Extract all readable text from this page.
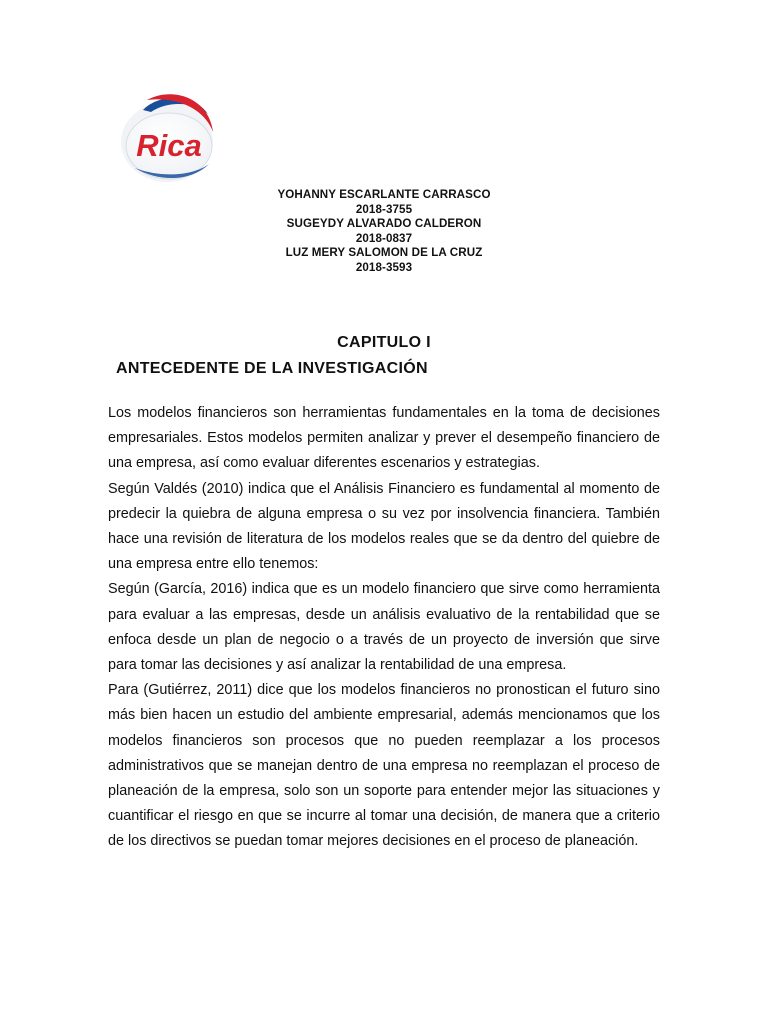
Rica
YOHANNY ESCARLANTE CARRASCO
2018-3755
SUGEYDY ALVARADO CALDERON
2018-0837
LUZ MERY SALOMON DE LA CRUZ
2018-3593
CAPITULO I
ANTECEDENTE DE LA INVESTIGACIÓN

Los modelos financieros son herramientas fundamentales en la toma de decisiones empresariales. Estos modelos permiten analizar y prever el desempeño financiero de una empresa, así como evaluar diferentes escenarios y estrategias.

Según Valdés (2010) indica que el Análisis Financiero es fundamental al momento de predecir la quiebra de alguna empresa o su vez por insolvencia financiera. También hace una revisión de literatura de los modelos reales que se da dentro del quiebre de una empresa entre ello tenemos:

Según (García, 2016) indica que es un modelo financiero que sirve como herramienta para evaluar a las empresas, desde un análisis evaluativo de la rentabilidad que se enfoca desde un plan de negocio o a través de un proyecto de inversión que sirve para tomar las decisiones y así analizar la rentabilidad de una empresa.

Para (Gutiérrez, 2011) dice que los modelos financieros no pronostican el futuro sino más bien hacen un estudio del ambiente empresarial, además mencionamos que los modelos financieros son procesos que no pueden reemplazar a los procesos administrativos que se manejan dentro de una empresa no reemplazan el proceso de planeación de la empresa, solo son un soporte para entender mejor las situaciones y cuantificar el riesgo en que se incurre al tomar una decisión, de manera que a criterio de los directivos se puedan tomar mejores decisiones en el proceso de planeación.
